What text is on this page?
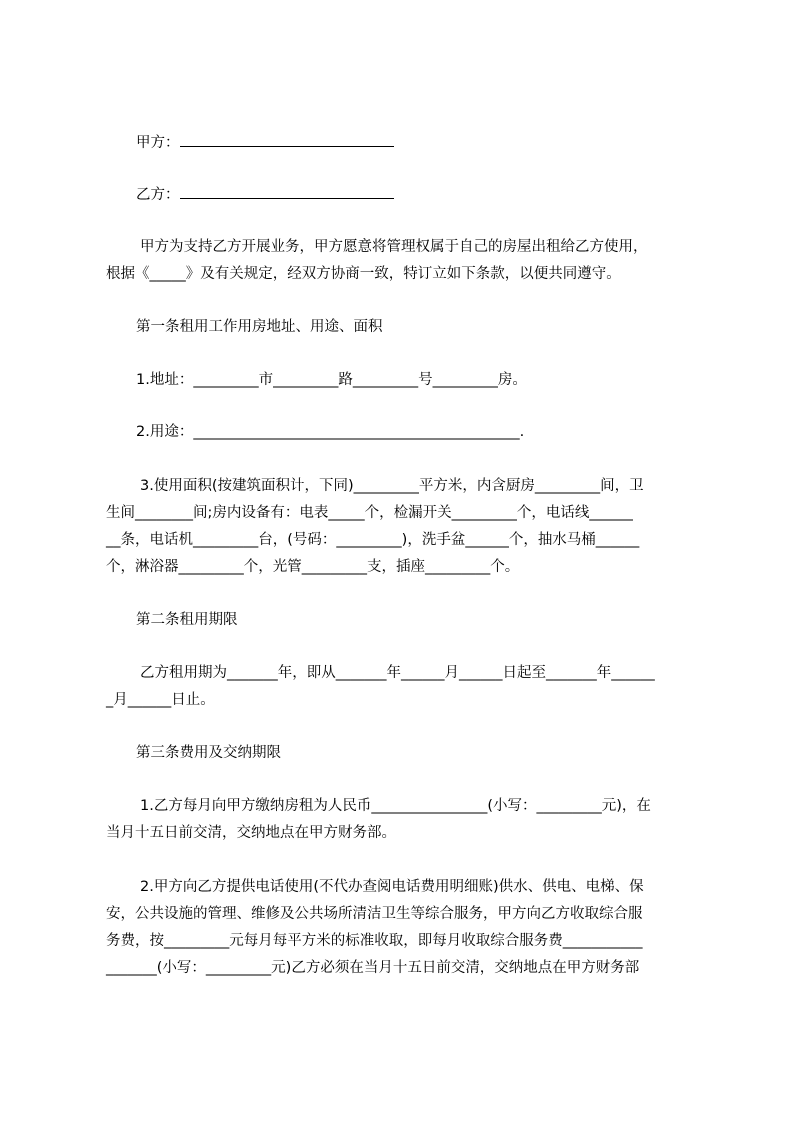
甲方：
乙方：
甲方为支持乙方开展业务，甲方愿意将管理权属于自己的房屋出租给乙方使用，
根据《_____》及有关规定，经双方协商一致，特订立如下条款，以便共同遵守。
第一条租用工作用房地址、用途、面积
1.地址：_________市_________路_________号_________房。
2.用途：_____________________________________________.
3.使用面积(按建筑面积计，下同)_________平方米，内含厨房_________间，卫
生间________间;房内设备有：电表_____个，检漏开关_________个，电话线______
__条，电话机_________台，(号码：_________)，洗手盆______个，抽水马桶______
个，淋浴器_________个，光管_________支，插座_________个。
第二条租用期限
乙方租用期为_______年，即从_______年______月______日起至_______年______
_月______日止。
第三条费用及交纳期限
1.乙方每月向甲方缴纳房租为人民币________________(小写：_________元)，在
当月十五日前交清，交纳地点在甲方财务部。
2.甲方向乙方提供电话使用(不代办查阅电话费用明细账)供水、供电、电梯、保
安，公共设施的管理、维修及公共场所清洁卫生等综合服务，甲方向乙方收取综合服
务费，按_________元每月每平方米的标准收取，即每月收取综合服务费___________
_______(小写：_________元)乙方必须在当月十五日前交清，交纳地点在甲方财务部
